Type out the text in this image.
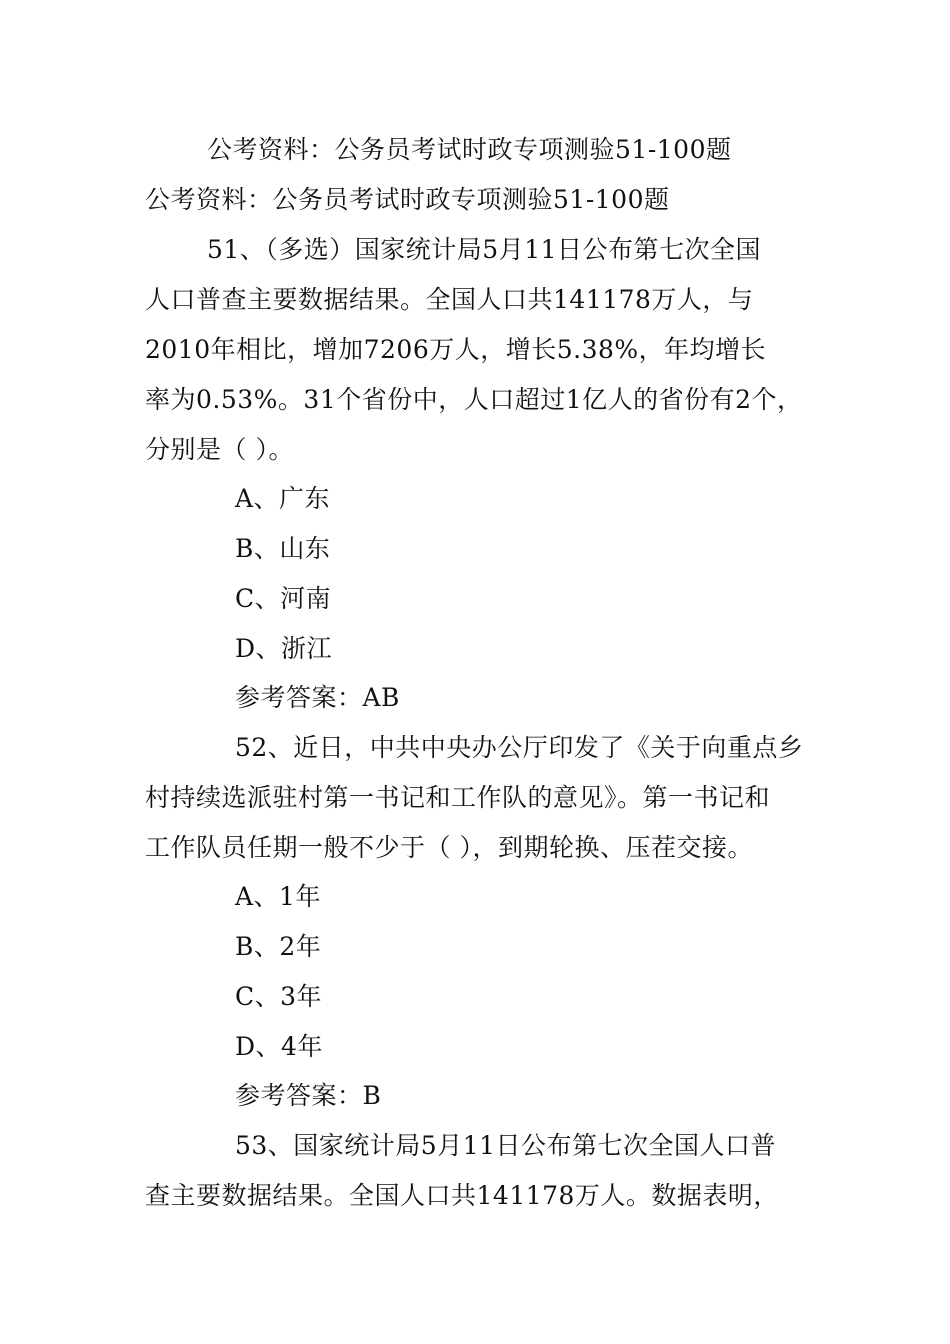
公考资料：公务员考试时政专项测验51-100题
公考资料：公务员考试时政专项测验51-100题
51、（多选）国家统计局5月11日公布第七次全国
人口普查主要数据结果。全国人口共141178万人，与
2010年相比，增加7206万人，增长5.38%，年均增长
率为0.53%。31个省份中，人口超过1亿人的省份有2个，
分别是（ ）。
A、广东
B、山东
C、河南
D、浙江
参考答案：AB
52、近日，中共中央办公厅印发了《关于向重点乡
村持续选派驻村第一书记和工作队的意见》。第一书记和
工作队员任期一般不少于（ ），到期轮换、压茬交接。
A、1年
B、2年
C、3年
D、4年
参考答案：B
53、国家统计局5月11日公布第七次全国人口普
查主要数据结果。全国人口共141178万人。数据表明，
